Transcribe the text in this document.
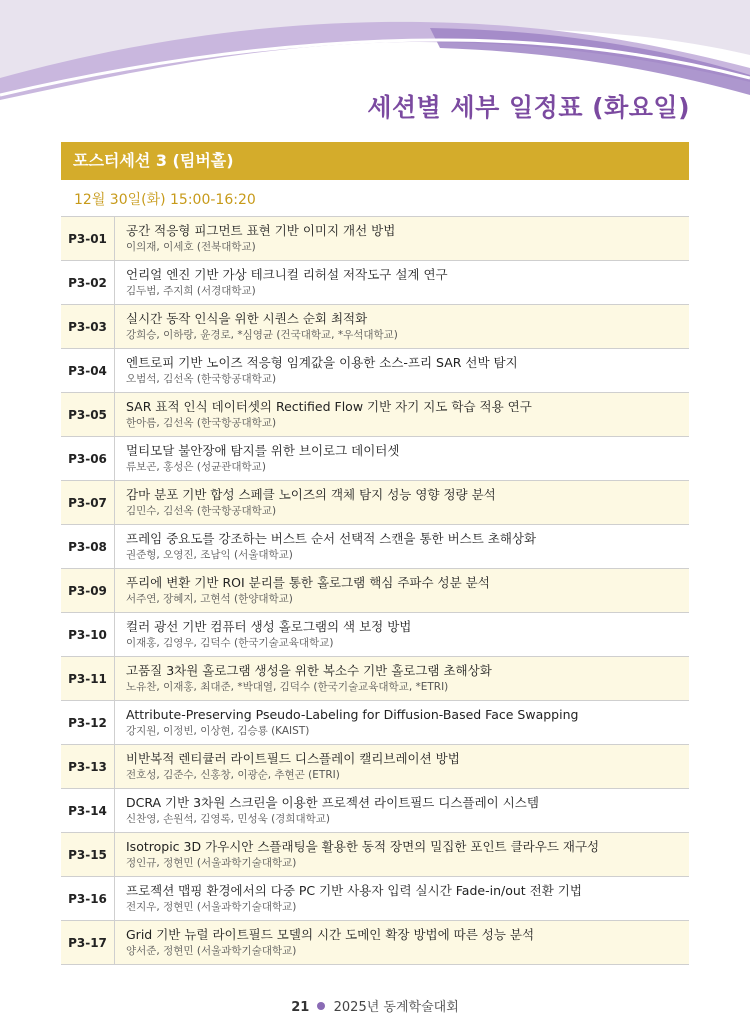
세션별 세부 일정표 (화요일)
포스터세션 3 (팀버홀)
12월 30일(화) 15:00-16:20
P3-01
공간 적응형 피그먼트 표현 기반 이미지 개선 방법
이의재, 이세호 (전북대학교)
P3-02
언리얼 엔진 기반 가상 테크니컬 리허설 저작도구 설계 연구
김두범, 주지희 (서경대학교)
P3-03
실시간 동작 인식을 위한 시퀀스 순회 최적화
강희승, 이하랑, 윤경로, *심영균 (건국대학교, *우석대학교)
P3-04
엔트로피 기반 노이즈 적응형 임계값을 이용한 소스-프리 SAR 선박 탐지
오범석, 김선옥 (한국항공대학교)
P3-05
SAR 표적 인식 데이터셋의 Rectified Flow 기반 자기 지도 학습 적용 연구
한아름, 김선옥 (한국항공대학교)
P3-06
멀티모달 불안장애 탐지를 위한 브이로그 데이터셋
류보곤, 홍성은 (성균관대학교)
P3-07
감마 분포 기반 합성 스페클 노이즈의 객체 탐지 성능 영향 정량 분석
김민수, 김선옥 (한국항공대학교)
P3-08
프레임 중요도를 강조하는 버스트 순서 선택적 스캔을 통한 버스트 초해상화
권준형, 오영진, 조남익 (서울대학교)
P3-09
푸리에 변환 기반 ROI 분리를 통한 홀로그램 핵심 주파수 성분 분석
서주연, 장혜지, 고현석 (한양대학교)
P3-10
컬러 광선 기반 컴퓨터 생성 홀로그램의 색 보정 방법
이재홍, 김영우, 김덕수 (한국기술교육대학교)
P3-11
고품질 3차원 홀로그램 생성을 위한 복소수 기반 홀로그램 초해상화
노유찬, 이재홍, 최대준, *박대열, 김덕수 (한국기술교육대학교, *ETRI)
P3-12
Attribute-Preserving Pseudo-Labeling for Diffusion-Based Face Swapping
강지원, 이정빈, 이상현, 김승룡 (KAIST)
P3-13
비반복적 렌티큘러 라이트필드 디스플레이 캘리브레이션 방법
전호성, 김준수, 신홍창, 이광순, 추현곤 (ETRI)
P3-14
DCRA 기반 3차원 스크린을 이용한 프로젝션 라이트필드 디스플레이 시스템
신찬영, 손원석, 김영록, 민성욱 (경희대학교)
P3-15
Isotropic 3D 가우시안 스플래팅을 활용한 동적 장면의 밀집한 포인트 클라우드 재구성
정인규, 정현민 (서울과학기술대학교)
P3-16
프로젝션 맵핑 환경에서의 다중 PC 기반 사용자 입력 실시간 Fade-in/out 전환 기법
전지우, 정현민 (서울과학기술대학교)
P3-17
Grid 기반 뉴럴 라이트필드 모델의 시간 도메인 확장 방법에 따른 성능 분석
양서준, 정현민 (서울과학기술대학교)
21 2025년 동계학술대회
